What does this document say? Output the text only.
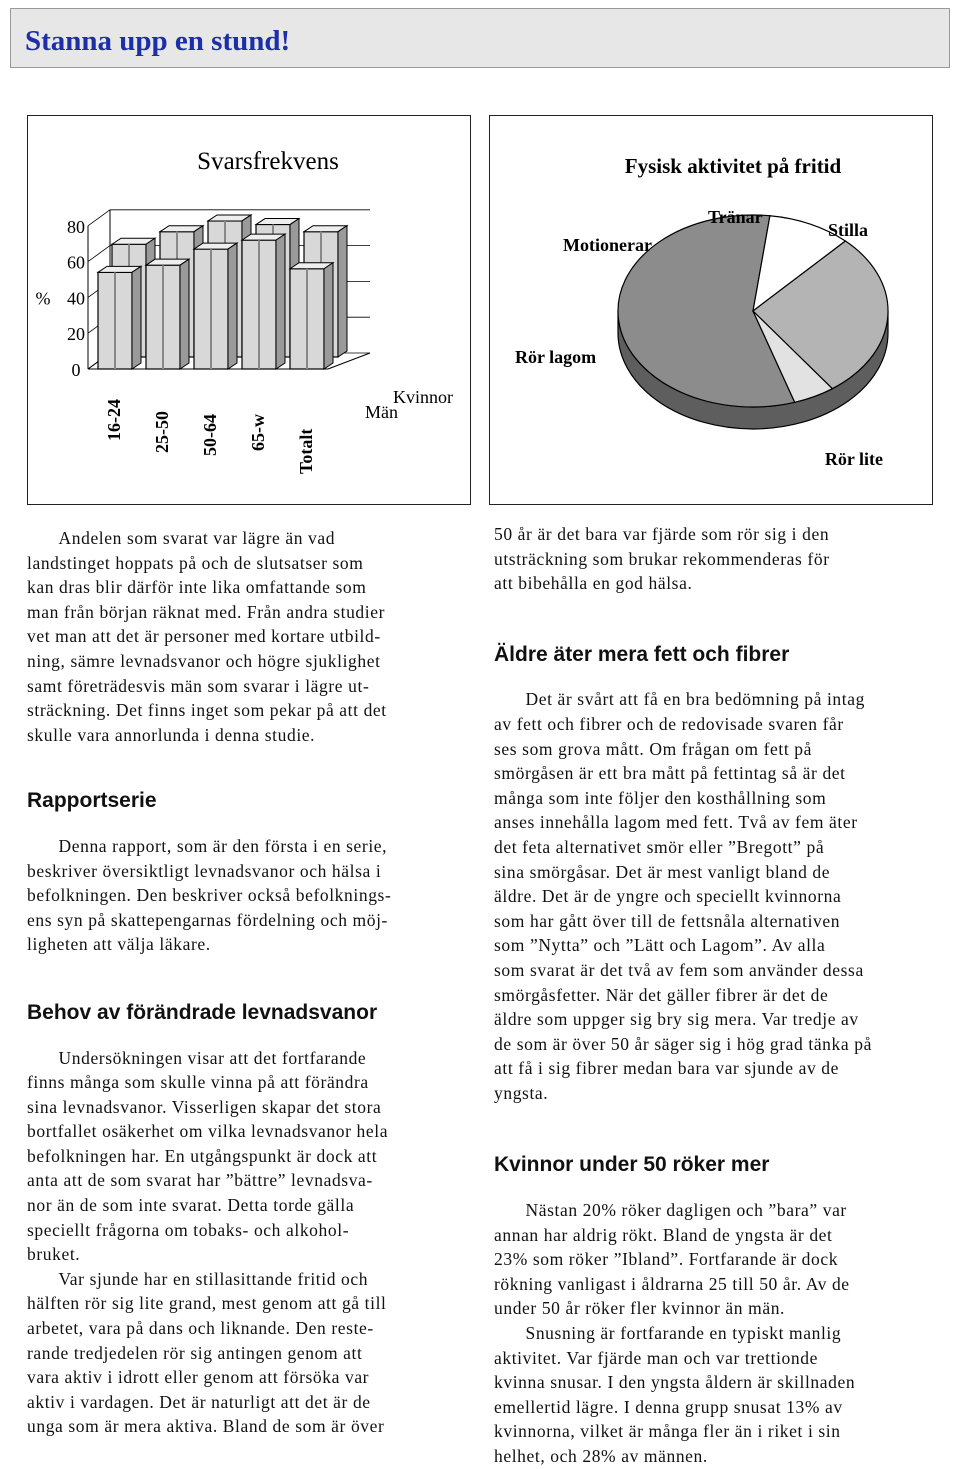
Stanna upp en stund!
Svarsfrekvens
80
60
40
20
0
%
16-24 25-50 50-64 65-w Totalt
Kvinnor
Män
Fysisk aktivitet på fritid
Rör lite
Rör lagom
Motionerar
Tränar
Stilla

Andelen som svarat var lägre än vad
landstinget hoppats på och de slutsatser som
kan dras blir därför inte lika omfattande som
man från början räknat med. Från andra studier
vet man att det är personer med kortare utbild-
ning, sämre levnadsvanor och högre sjuklighet
samt företrädesvis män som svarar i lägre ut-
sträckning. Det finns inget som pekar på att det
skulle vara annorlunda i denna studie.

Rapportserie

Denna rapport, som är den första i en serie,
beskriver översiktligt levnadsvanor och hälsa i
befolkningen. Den beskriver också befolknings-
ens syn på skattepengarnas fördelning och möj-
ligheten att välja läkare.

Behov av förändrade levnadsvanor

Undersökningen visar att det fortfarande
finns många som skulle vinna på att förändra
sina levnadsvanor. Visserligen skapar det stora
bortfallet osäkerhet om vilka levnadsvanor hela
befolkningen har. En utgångspunkt är dock att
anta att de som svarat har ”bättre” levnadsva-
nor än de som inte svarat. Detta torde gälla
speciellt frågorna om tobaks- och alkohol-
bruket.

Var sjunde har en stillasittande fritid och
hälften rör sig lite grand, mest genom att gå till
arbetet, vara på dans och liknande. Den reste-
rande tredjedelen rör sig antingen genom att
vara aktiv i idrott eller genom att försöka var
aktiv i vardagen. Det är naturligt att det är de
unga som är mera aktiva. Bland de som är över

50 år är det bara var fjärde som rör sig i den
utsträckning som brukar rekommenderas för
att bibehålla en god hälsa.

Äldre äter mera fett och fibrer

Det är svårt att få en bra bedömning på intag
av fett och fibrer och de redovisade svaren får
ses som grova mått. Om frågan om fett på
smörgåsen är ett bra mått på fettintag så är det
många som inte följer den kosthållning som
anses innehålla lagom med fett. Två av fem äter
det feta alternativet smör eller ”Bregott” på
sina smörgåsar. Det är mest vanligt bland de
äldre. Det är de yngre och speciellt kvinnorna
som har gått över till de fettsnåla alternativen
som ”Nytta” och ”Lätt och Lagom”. Av alla
som svarat är det två av fem som använder dessa
smörgåsfetter. När det gäller fibrer är det de
äldre som uppger sig bry sig mera. Var tredje av
de som är över 50 år säger sig i hög grad tänka på
att få i sig fibrer medan bara var sjunde av de
yngsta.

Kvinnor under 50 röker mer

Nästan 20% röker dagligen och ”bara” var
annan har aldrig rökt. Bland de yngsta är det
23% som röker ”Ibland”. Fortfarande är dock
rökning vanligast i åldrarna 25 till 50 år. Av de
under 50 år röker fler kvinnor än män.

Snusning är fortfarande en typiskt manlig
aktivitet. Var fjärde man och var trettionde
kvinna snusar. I den yngsta åldern är skillnaden
emellertid lägre. I denna grupp snusat 13% av
kvinnorna, vilket är många fler än i riket i sin
helhet, och 28% av männen.
